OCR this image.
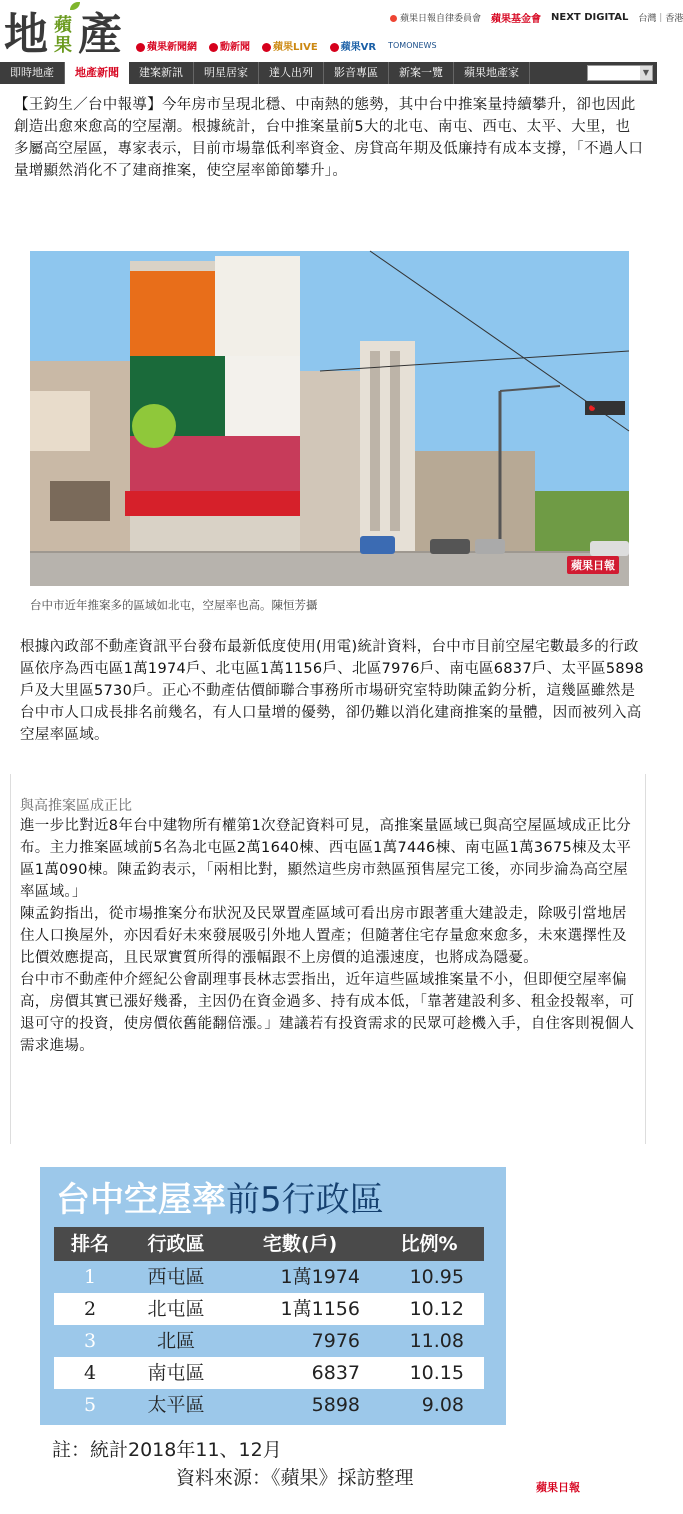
地 蘋
果 產	蘋果日報自律委員會 蘋果基金會 NEXT DIGITAL 台灣｜香港
蘋果新聞網	動新聞	蘋果LIVE	蘋果VR TOMONEWS
即時地產	地產新聞	建案新訊	明星居家	達人出列	影音專區	新案一覽	蘋果地產家	▼

【王鈞生／台中報導】今年房市呈現北穩、中南熱的態勢，其中台中推案量持續攀升，卻也因此創造出愈來愈高的空屋潮。根據統計，台中推案量前5大的北屯、南屯、西屯、太平、大里，也多屬高空屋區，專家表示，目前市場靠低利率資金、房貸高年期及低廉持有成本支撐，「不過人口量增顯然消化不了建商推案，使空屋率節節攀升」。

蘋果日報

台中市近年推案多的區域如北屯，空屋率也高。陳恒芳攝

根據內政部不動產資訊平台發布最新低度使用(用電)統計資料，台中市目前空屋宅數最多的行政區依序為西屯區1萬1974戶、北屯區1萬1156戶、北區7976戶、南屯區6837戶、太平區5898戶及大里區5730戶。正心不動產估價師聯合事務所市場研究室特助陳孟鈞分析，這幾區雖然是台中市人口成長排名前幾名，有人口量增的優勢，卻仍難以消化建商推案的量體，因而被列入高空屋率區域。

與高推案區成正比

進一步比對近8年台中建物所有權第1次登記資料可見，高推案量區域已與高空屋區域成正比分布。主力推案區域前5名為北屯區2萬1640棟、西屯區1萬7446棟、南屯區1萬3675棟及太平區1萬090棟。陳孟鈞表示，「兩相比對，顯然這些房市熱區預售屋完工後，亦同步淪為高空屋率區域。」

陳孟鈞指出，從市場推案分布狀況及民眾置產區域可看出房市跟著重大建設走，除吸引當地居住人口換屋外，亦因看好未來發展吸引外地人置產；但隨著住宅存量愈來愈多，未來選擇性及比價效應提高，且民眾實質所得的漲幅跟不上房價的追漲速度，也將成為隱憂。

台中市不動產仲介經紀公會副理事長林志雲指出，近年這些區域推案量不小，但即便空屋率偏高，房價其實已漲好幾番，主因仍在資金過多、持有成本低，「靠著建設利多、租金投報率，可退可守的投資，使房價依舊能翻倍漲。」建議若有投資需求的民眾可趁機入手，自住客則視個人需求進場。

台中空屋率前5行政區
排名	行政區	宅數(戶)	比例%
1	西屯區	1萬1974	10.95
2	北屯區	1萬1156	10.12
3	北區	7976	11.08
4	南屯區	6837	10.15
5	太平區	5898	9.08

註：統計2018年11、12月

資料來源：《蘋果》採訪整理	蘋果日報
